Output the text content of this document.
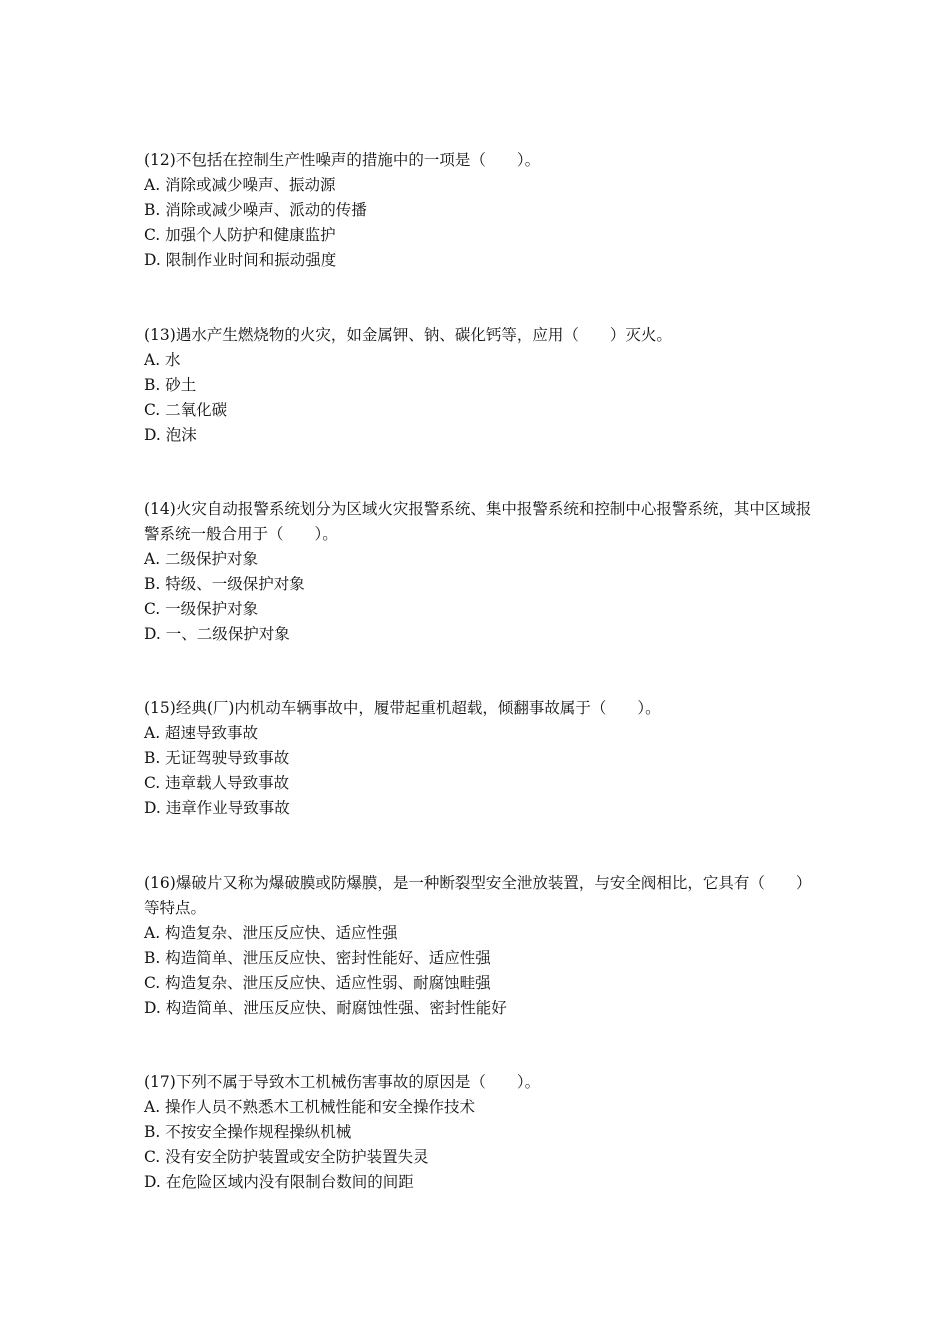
(12)不包括在控制生产性噪声的措施中的一项是（　　）。

A. 消除或减少噪声、振动源

B. 消除或减少噪声、派动的传播

C. 加强个人防护和健康监护

D. 限制作业时间和振动强度

(13)遇水产生燃烧物的火灾，如金属钾、钠、碳化钙等，应用（　　）灭火。

A. 水

B. 砂土

C. 二氧化碳

D. 泡沫

(14)火灾自动报警系统划分为区域火灾报警系统、集中报警系统和控制中心报警系统，其中区域报警系统一般合用于（　　）。

A. 二级保护对象

B. 特级、一级保护对象

C. 一级保护对象

D. 一、二级保护对象

(15)经典(厂)内机动车辆事故中，履带起重机超载，倾翻事故属于（　　）。

A. 超速导致事故

B. 无证驾驶导致事故

C. 违章载人导致事故

D. 违章作业导致事故

(16)爆破片又称为爆破膜或防爆膜，是一种断裂型安全泄放装置，与安全阀相比，它具有（　　）等特点。

A. 构造复杂、泄压反应快、适应性强

B. 构造简单、泄压反应快、密封性能好、适应性强

C. 构造复杂、泄压反应快、适应性弱、耐腐蚀畦强

D. 构造简单、泄压反应快、耐腐蚀性强、密封性能好

(17)下列不属于导致木工机械伤害事故的原因是（　　）。

A. 操作人员不熟悉木工机械性能和安全操作技术

B. 不按安全操作规程操纵机械

C. 没有安全防护装置或安全防护装置失灵

D. 在危险区域内没有限制台数间的间距
